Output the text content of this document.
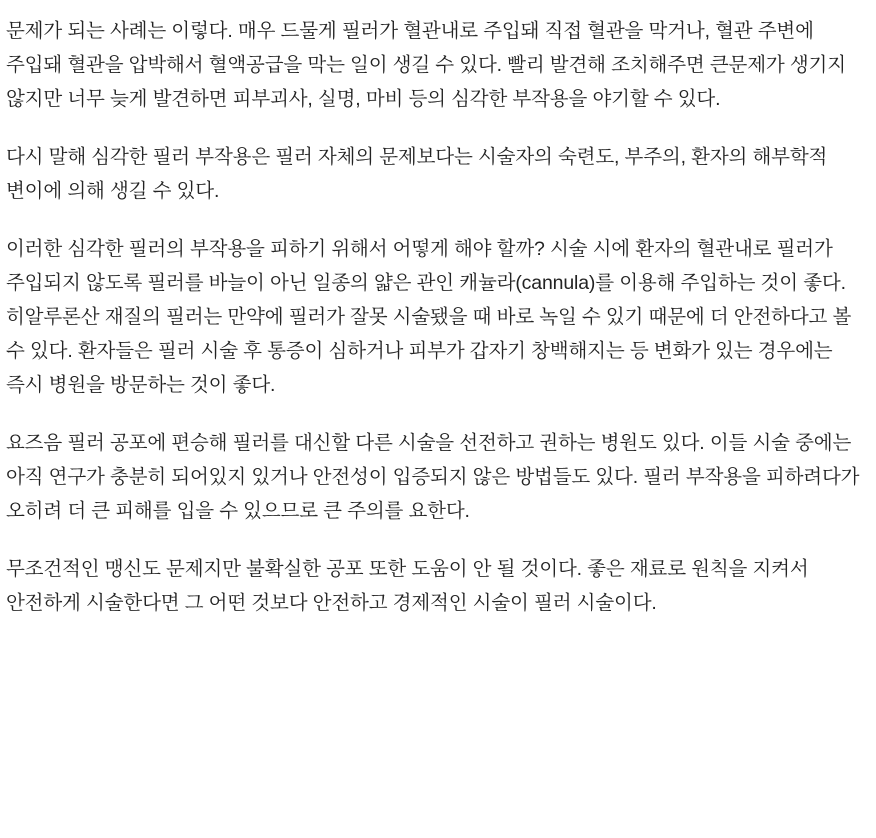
문제가 되는 사례는 이렇다. 매우 드물게 필러가 혈관내로 주입돼 직접 혈관을 막거나, 혈관 주변에 주입돼 혈관을 압박해서 혈액공급을 막는 일이 생길 수 있다. 빨리 발견해 조치해주면 큰문제가 생기지 않지만 너무 늦게 발견하면 피부괴사, 실명, 마비 등의 심각한 부작용을 야기할 수 있다.

다시 말해 심각한 필러 부작용은 필러 자체의 문제보다는 시술자의 숙련도, 부주의, 환자의 해부학적 변이에 의해 생길 수 있다.

이러한 심각한 필러의 부작용을 피하기 위해서 어떻게 해야 할까? 시술 시에 환자의 혈관내로 필러가 주입되지 않도록 필러를 바늘이 아닌 일종의 얇은 관인 캐뉼라(cannula)를 이용해 주입하는 것이 좋다. 히알루론산 재질의 필러는 만약에 필러가 잘못 시술됐을 때 바로 녹일 수 있기 때문에 더 안전하다고 볼 수 있다. 환자들은 필러 시술 후 통증이 심하거나 피부가 갑자기 창백해지는 등 변화가 있는 경우에는 즉시 병원을 방문하는 것이 좋다.

요즈음 필러 공포에 편승해 필러를 대신할 다른 시술을 선전하고 권하는 병원도 있다. 이들 시술 중에는 아직 연구가 충분히 되어있지 있거나 안전성이 입증되지 않은 방법들도 있다. 필러 부작용을 피하려다가 오히려 더 큰 피해를 입을 수 있으므로 큰 주의를 요한다.

무조건적인 맹신도 문제지만 불확실한 공포 또한 도움이 안 될 것이다. 좋은 재료로 원칙을 지켜서 안전하게 시술한다면 그 어떤 것보다 안전하고 경제적인 시술이 필러 시술이다.
